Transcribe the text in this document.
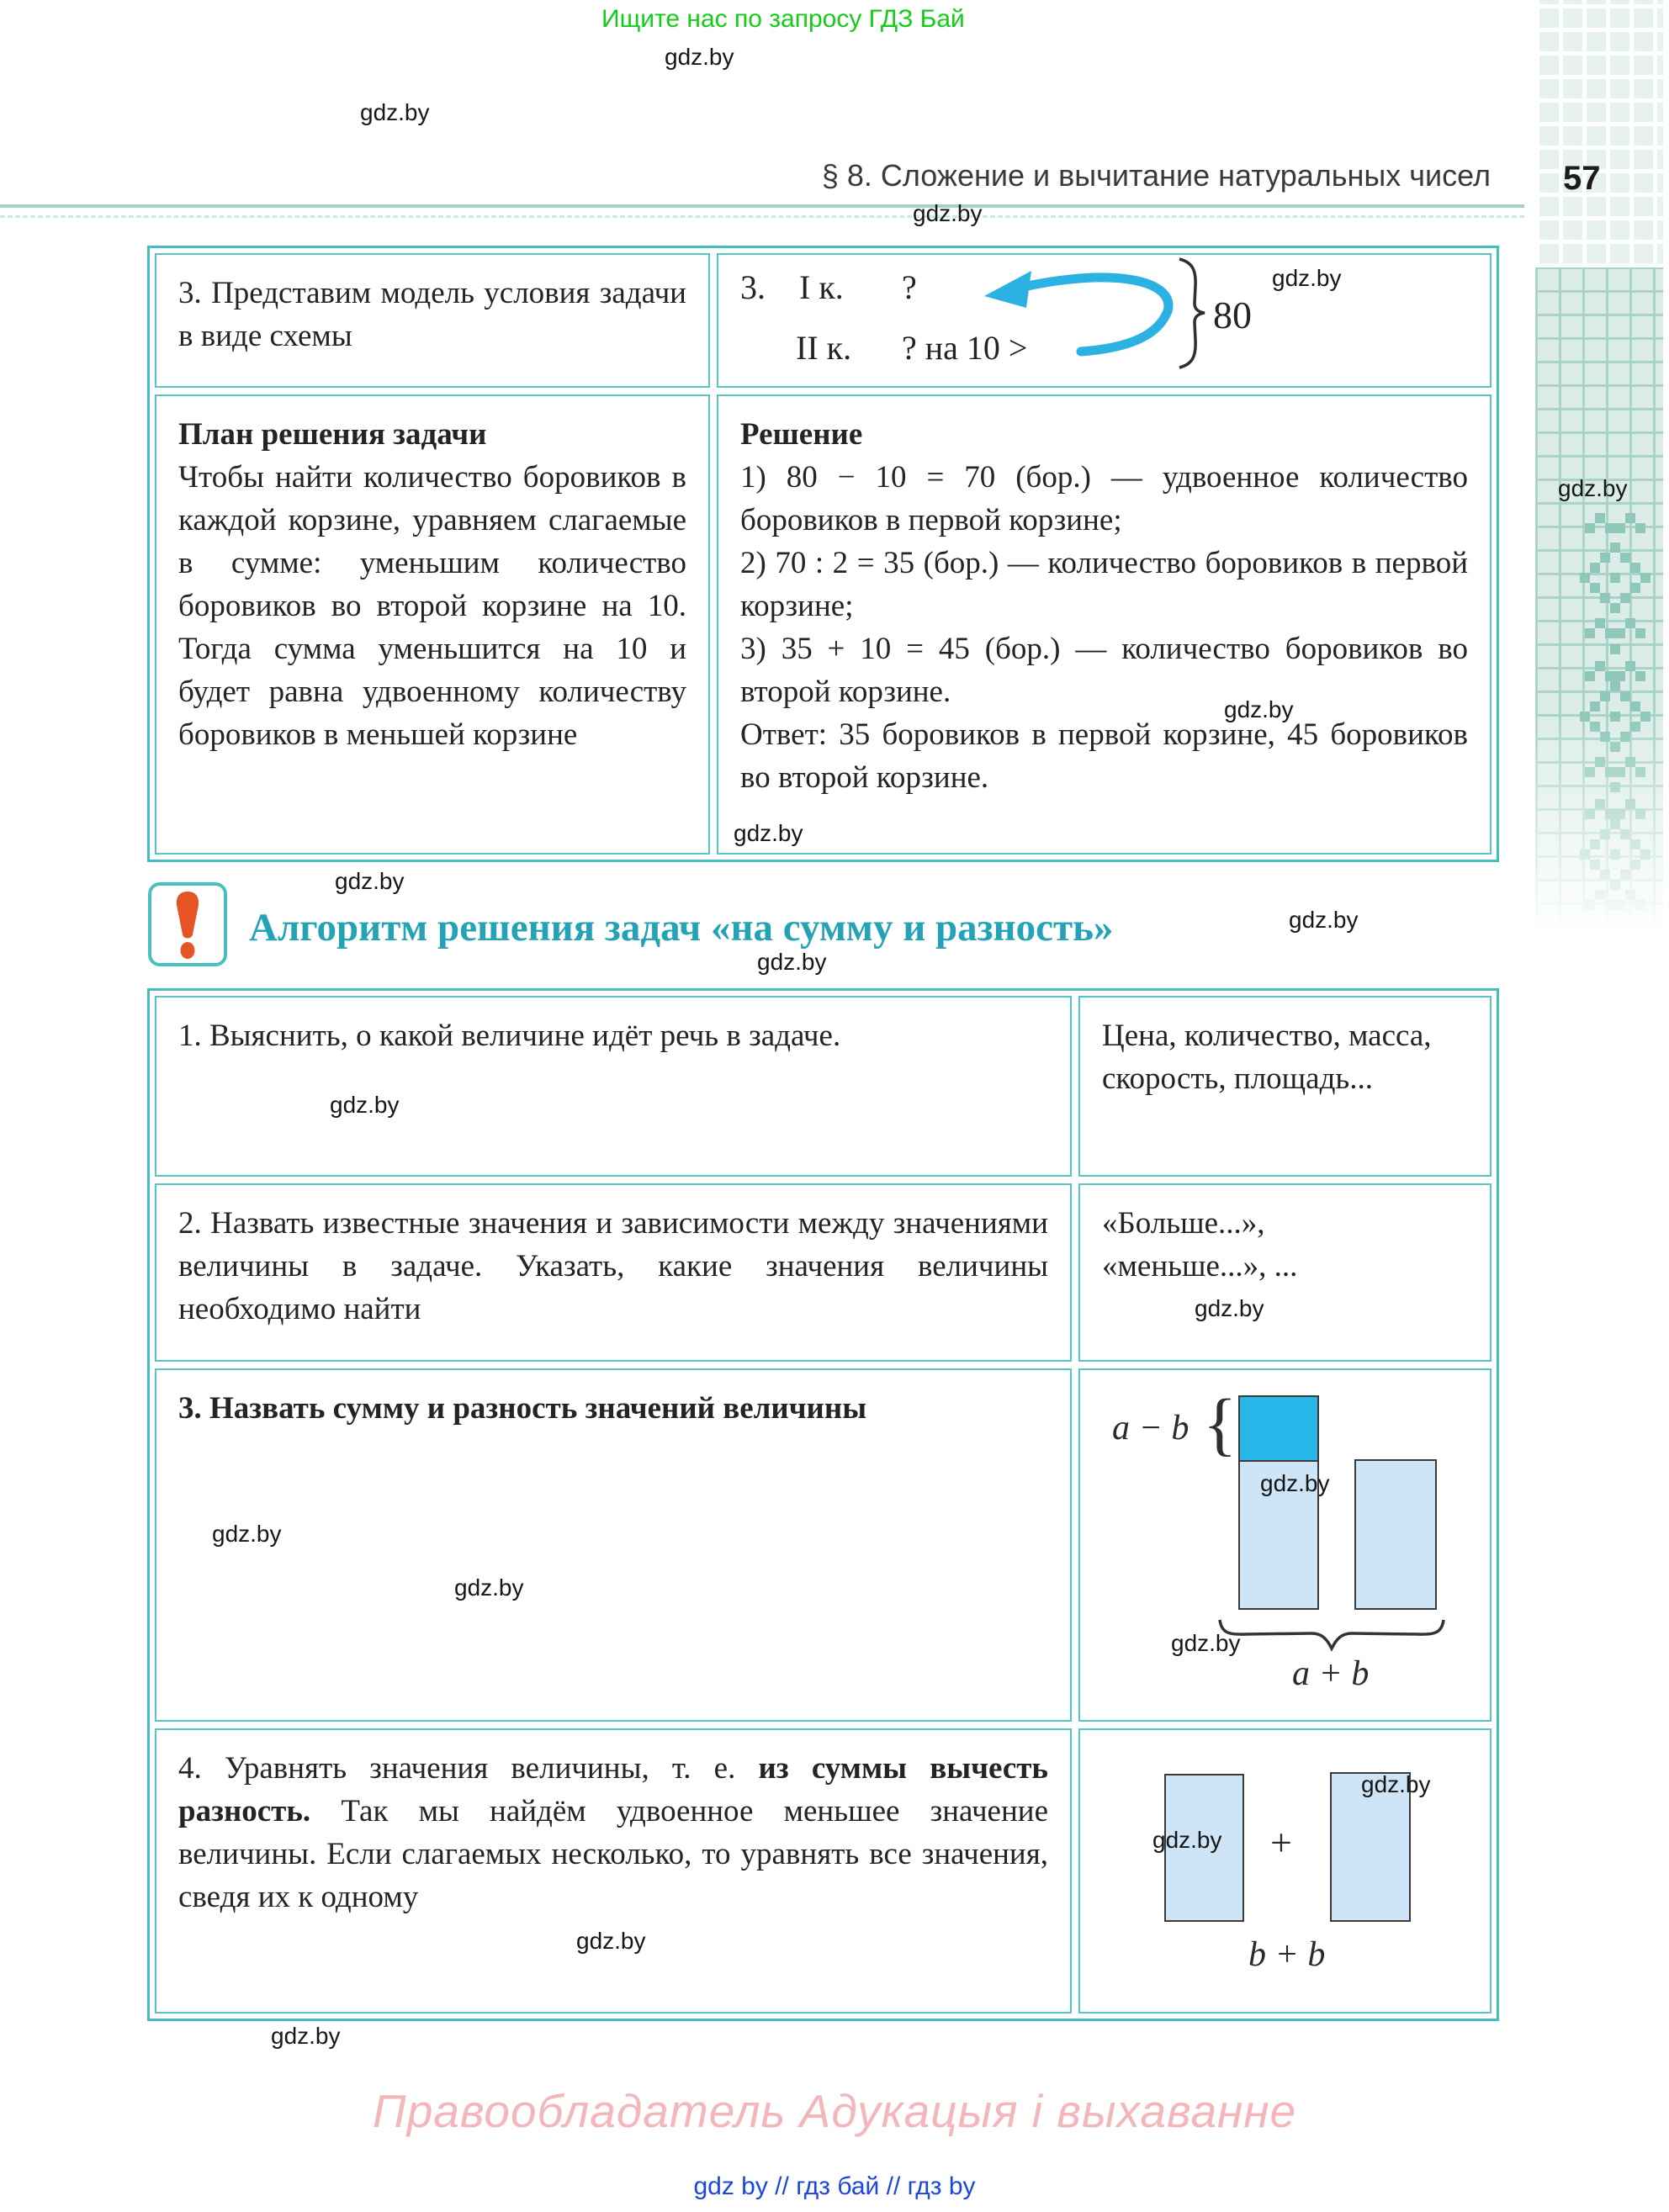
Ищите нас по запросу ГДЗ Бай
§ 8. Сложение и вычитание натуральных чисел 57

3. Представим модель условия задачи в виде схемы

План решения задачи

Чтобы найти количество боровиков в каждой корзине, уравняем слагаемые в сумме: уменьшим количество боровиков во второй корзине на 10. Тогда сумма уменьшится на 10 и будет равна удвоенному количеству боровиков в меньшей корзине

Решение

1) 80 − 10 = 70 (бор.) — удвоенное количество боровиков в первой корзине;

2) 70 : 2 = 35 (бор.) — количество боровиков в первой корзине;

3) 35 + 10 = 45 (бор.) — количество боровиков во второй корзине.

Ответ: 35 боровиков в первой корзине, 45 боровиков во второй корзине.

3. I к. ?
II к. ? на 10 >
80
Алгоритм решения задач «на сумму и разность»

1. Выяснить, о какой величине идёт речь в задаче.	Цена, количество, масса, скорость, площадь...

2. Назвать известные значения и зависимости между значениями величины в задаче. Указать, какие значения величины необходимо найти

«Больше...»,

«меньше...», ...

3. Назвать сумму и разность значений величины

a − b {
a + b

4. Уравнять значения величины, т. е. из суммы вычесть разность. Так мы найдём удвоенное меньшее значение величины. Если слагаемых несколько, то уравнять все значения, сведя их к одному

+
b + b
Правообладатель Адукацыя і выхаванне
gdz by // гдз бай // гдз by
gdz.by
gdz.by
gdz.by
gdz.by
gdz.by
gdz.by
gdz.by
gdz.by
gdz.by
gdz.by
gdz.by
gdz.by
gdz.by
gdz.by
gdz.by
gdz.by
gdz.by
gdz.by
gdz.by
gdz.by
